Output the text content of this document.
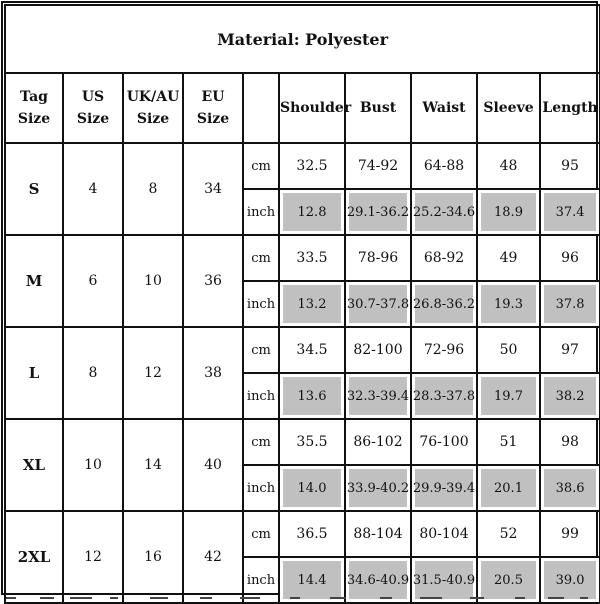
Material: Polyester									
Tag Size	US Size	UK/AU Size	EU Size		Shoulder	Bust	Waist	Sleeve	Length
S	4	8	34	cm	32.5	74-92	64-88	48	95
				inch	12.8	29.1-36.2	25.2-34.6	18.9	37.4
M	6	10	36	cm	33.5	78-96	68-92	49	96
				inch	13.2	30.7-37.8	26.8-36.2	19.3	37.8
L	8	12	38	cm	34.5	82-100	72-96	50	97
				inch	13.6	32.3-39.4	28.3-37.8	19.7	38.2
XL	10	14	40	cm	35.5	86-102	76-100	51	98
				inch	14.0	33.9-40.2	29.9-39.4	20.1	38.6
2XL	12	16	42	cm	36.5	88-104	80-104	52	99
				inch	14.4	34.6-40.9	31.5-40.9	20.5	39.0
